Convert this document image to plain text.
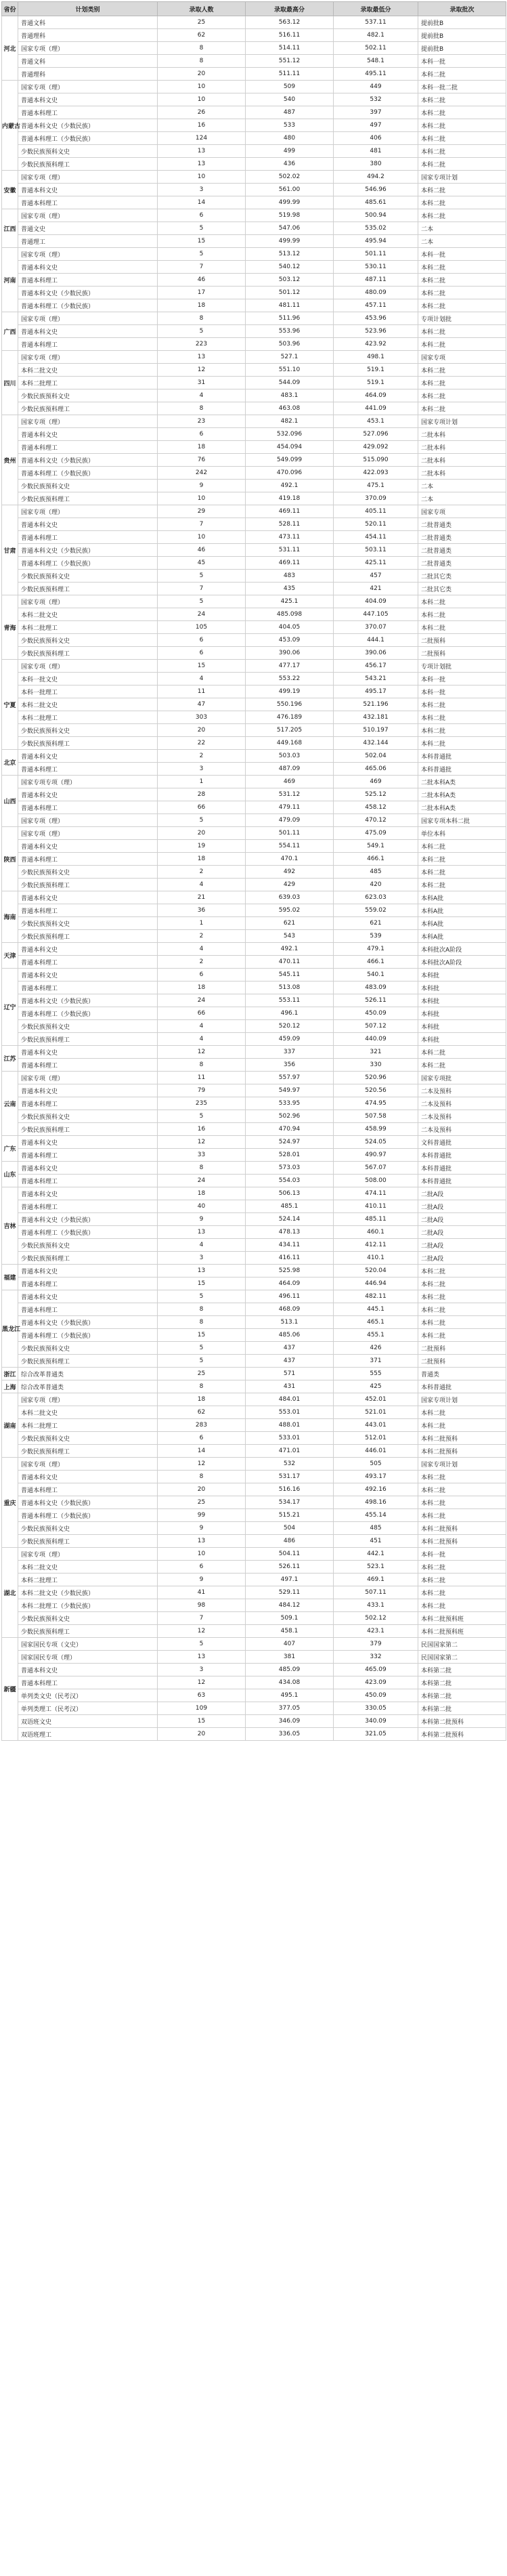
省份	计划类别	录取人数	录取最高分	录取最低分	录取批次
河北	普通文科	25	563.12	537.11	提前批B
	普通理科	62	516.11	482.1	提前批B
	国家专项（理）	8	514.11	502.11	提前批B
	普通文科	8	551.12	548.1	本科一批
	普通理科	20	511.11	495.11	本科二批
内蒙古	国家专项（理）	10	509	449	本科一批二批
	普通本科文史	10	540	532	本科二批
	普通本科理工	26	487	397	本科二批
	普通本科文史（少数民族）	16	533	497	本科二批
	普通本科理工（少数民族）	124	480	406	本科二批
	少数民族预科文史	13	499	481	本科二批
	少数民族预科理工	13	436	380	本科二批
安徽	国家专项（理）	10	502.02	494.2	国家专项计划
	普通本科文史	3	561.00	546.96	本科二批
	普通本科理工	14	499.99	485.61	本科二批
江西	国家专项（理）	6	519.98	500.94	本科二批
	普通文史	5	547.06	535.02	二本
	普通理工	15	499.99	495.94	二本
河南	国家专项（理）	5	513.12	501.11	本科一批
	普通本科文史	7	540.12	530.11	本科二批
	普通本科理工	46	503.12	487.11	本科二批
	普通本科文史（少数民族）	17	501.12	480.09	本科二批
	普通本科理工（少数民族）	18	481.11	457.11	本科二批
广西	国家专项（理）	8	511.96	453.96	专项计划批
	普通本科文史	5	553.96	523.96	本科二批
	普通本科理工	223	503.96	423.92	本科二批
四川	国家专项（理）	13	527.1	498.1	国家专项
	本科二批文史	12	551.10	519.1	本科二批
	本科二批理工	31	544.09	519.1	本科二批
	少数民族预科文史	4	483.1	464.09	本科二批
	少数民族预科理工	8	463.08	441.09	本科二批
贵州	国家专项（理）	23	482.1	453.1	国家专项计划
	普通本科文史	6	532.096	527.096	二批本科
	普通本科理工	18	454.094	429.092	二批本科
	普通本科文史（少数民族）	76	549.099	515.090	二批本科
	普通本科理工（少数民族）	242	470.096	422.093	二批本科
	少数民族预科文史	9	492.1	475.1	二本
	少数民族预科理工	10	419.18	370.09	二本
甘肃	国家专项（理）	29	469.11	405.11	国家专项
	普通本科文史	7	528.11	520.11	二批普通类
	普通本科理工	10	473.11	454.11	二批普通类
	普通本科文史（少数民族）	46	531.11	503.11	二批普通类
	普通本科理工（少数民族）	45	469.11	425.11	二批普通类
	少数民族预科文史	5	483	457	二批其它类
	少数民族预科理工	7	435	421	二批其它类
青海	国家专项（理）	5	425.1	404.09	本科二批
	本科二批文史	24	485.098	447.105	本科二批
	本科二批理工	105	404.05	370.07	本科二批
	少数民族预科文史	6	453.09	444.1	二批预科
	少数民族预科理工	6	390.06	390.06	二批预科
宁夏	国家专项（理）	15	477.17	456.17	专项计划批
	本科一批文史	4	553.22	543.21	本科一批
	本科一批理工	11	499.19	495.17	本科一批
	本科二批文史	47	550.196	521.196	本科二批
	本科二批理工	303	476.189	432.181	本科二批
	少数民族预科文史	20	517.205	510.197	本科二批
	少数民族预科理工	22	449.168	432.144	本科二批
北京	普通本科文史	2	503.03	502.04	本科普通批
	普通本科理工	3	487.09	465.06	本科普通批
山西	国家专项专项（理）	1	469	469	二批本科A类
	普通本科文史	28	531.12	525.12	二批本科A类
	普通本科理工	66	479.11	458.12	二批本科A类
	国家专项（理）	5	479.09	470.12	国家专项本科二批
陕西	国家专项（理）	20	501.11	475.09	单位本科
	普通本科文史	19	554.11	549.1	本科二批
	普通本科理工	18	470.1	466.1	本科二批
	少数民族预科文史	2	492	485	本科二批
	少数民族预科理工	4	429	420	本科二批
海南	普通本科文史	21	639.03	623.03	本科A批
	普通本科理工	36	595.02	559.02	本科A批
	少数民族预科文史	1	621	621	本科A批
	少数民族预科理工	2	543	539	本科A批
天津	普通本科文史	4	492.1	479.1	本科批次A阶段
	普通本科理工	2	470.11	466.1	本科批次A阶段
辽宁	普通本科文史	6	545.11	540.1	本科批
	普通本科理工	18	513.08	483.09	本科批
	普通本科文史（少数民族）	24	553.11	526.11	本科批
	普通本科理工（少数民族）	66	496.1	450.09	本科批
	少数民族预科文史	4	520.12	507.12	本科批
	少数民族预科理工	4	459.09	440.09	本科批
江苏	普通本科文史	12	337	321	本科二批
	普通本科理工	8	356	330	本科二批
云南	国家专项（理）	11	557.97	520.96	国家专项批
	普通本科文史	79	549.97	520.56	二本及预科
	普通本科理工	235	533.95	474.95	二本及预科
	少数民族预科文史	5	502.96	507.58	二本及预科
	少数民族预科理工	16	470.94	458.99	二本及预科
广东	普通本科文史	12	524.97	524.05	文科普通批
	普通本科理工	33	528.01	490.97	本科普通批
山东	普通本科文史	8	573.03	567.07	本科普通批
	普通本科理工	24	554.03	508.00	本科普通批
吉林	普通本科文史	18	506.13	474.11	二批A段
	普通本科理工	40	485.1	410.11	二批A段
	普通本科文史（少数民族）	9	524.14	485.11	二批A段
	普通本科理工（少数民族）	13	478.13	460.1	二批A段
	少数民族预科文史	4	434.11	412.11	二批A段
	少数民族预科理工	3	416.11	410.1	二批A段
福建	普通本科文史	13	525.98	520.04	本科二批
	普通本科理工	15	464.09	446.94	本科二批
黑龙江	普通本科文史	5	496.11	482.11	本科二批
	普通本科理工	8	468.09	445.1	本科二批
	普通本科文史（少数民族）	8	513.1	465.1	本科二批
	普通本科理工（少数民族）	15	485.06	455.1	本科二批
	少数民族预科文史	5	437	426	二批预科
	少数民族预科理工	5	437	371	二批预科
浙江	综合改革普通类	25	571	555	普通类
上海	综合改革普通类	8	431	425	本科普通批
湖南	国家专项（理）	18	484.01	452.01	国家专项计划
	本科二批文史	62	553.01	521.01	本科二批
	本科二批理工	283	488.01	443.01	本科二批
	少数民族预科文史	6	533.01	512.01	本科二批预科
	少数民族预科理工	14	471.01	446.01	本科二批预科
重庆	国家专项（理）	12	532	505	国家专项计划
	普通本科文史	8	531.17	493.17	本科二批
	普通本科理工	20	516.16	492.16	本科二批
	普通本科文史（少数民族）	25	534.17	498.16	本科二批
	普通本科理工（少数民族）	99	515.21	455.14	本科二批
	少数民族预科文史	9	504	485	本科二批预科
	少数民族预科理工	13	486	451	本科二批预科
湖北	国家专项（理）	10	504.11	442.1	本科一批
	本科二批文史	6	526.11	523.1	本科二批
	本科二批理工	9	497.1	469.1	本科二批
	本科二批文史（少数民族）	41	529.11	507.11	本科二批
	本科二批理工（少数民族）	98	484.12	433.1	本科二批
	少数民族预科文史	7	509.1	502.12	本科二批预科班
	少数民族预科理工	12	458.1	423.1	本科二批预科班
新疆	国家国民专项（文史）	5	407	379	民国国家第二
	国家国民专项（理）	13	381	332	民国国家第二
	普通本科文史	3	485.09	465.09	本科第二批
	普通本科理工	12	434.08	423.09	本科第二批
	单列类文史（民考汉）	63	495.1	450.09	本科第二批
	单列类理工（民考汉）	109	377.05	330.05	本科第二批
	双语班文史	15	346.09	340.09	本科第二批预科
	双语班理工	20	336.05	321.05	本科第二批预科
